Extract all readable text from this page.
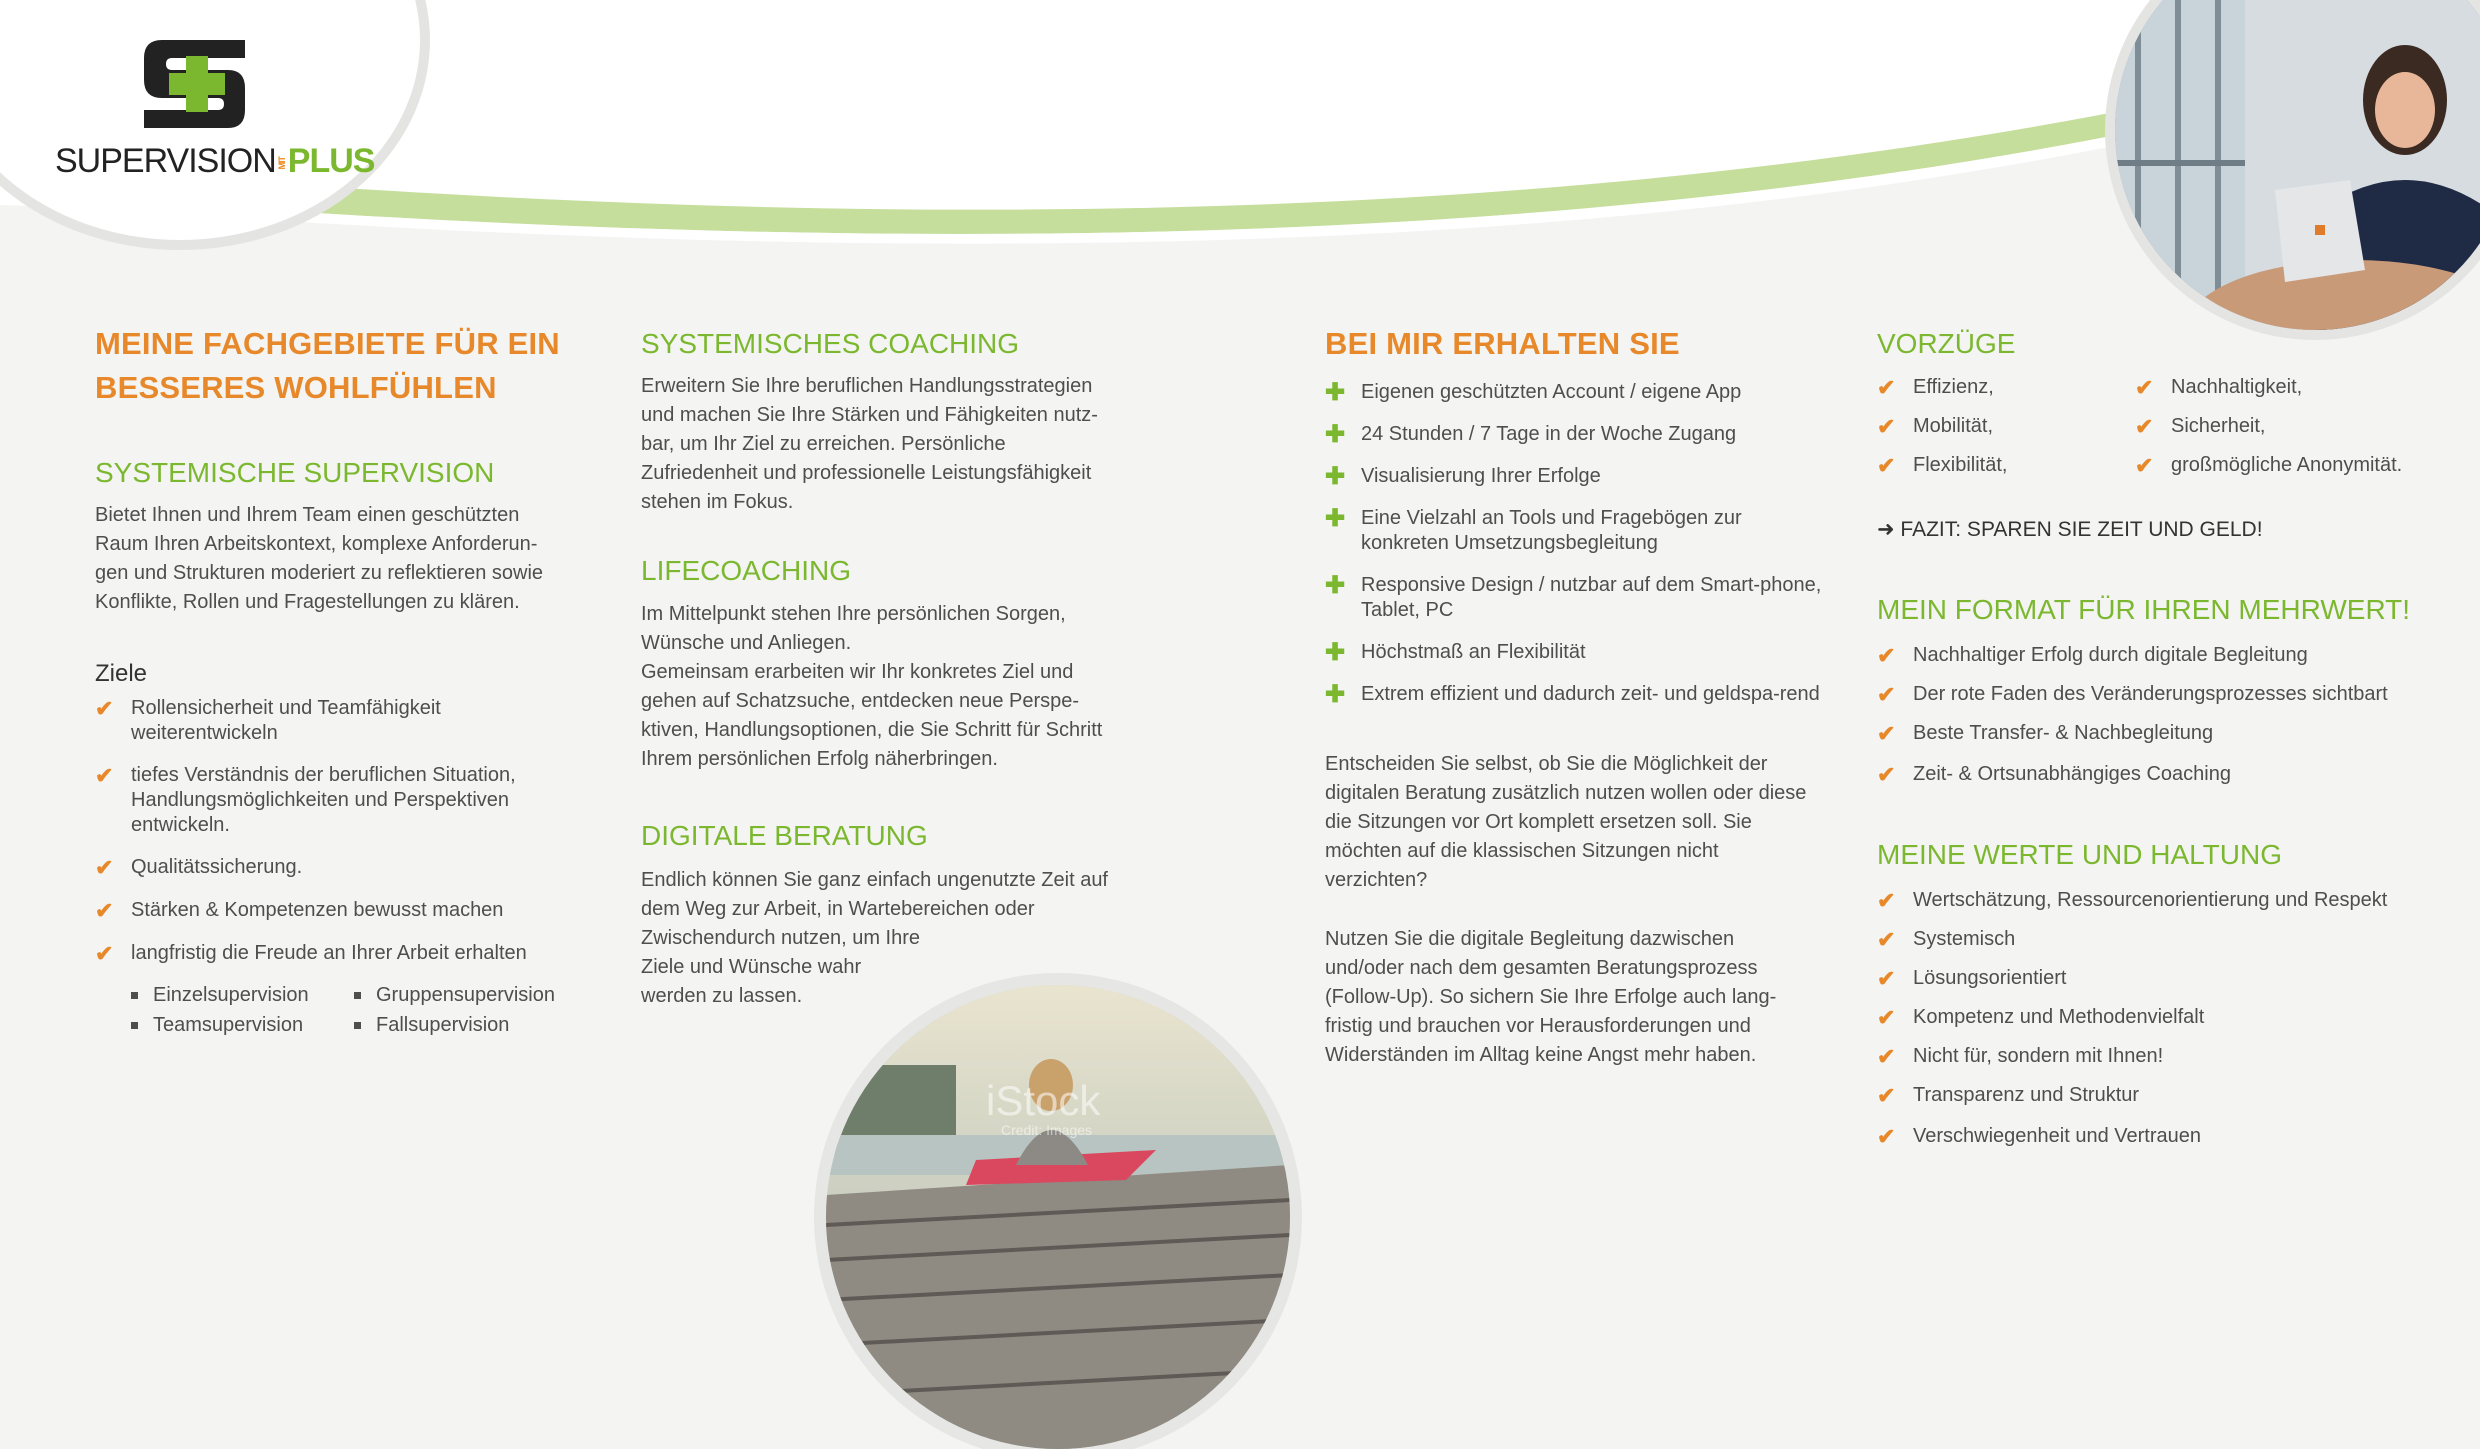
SUPERVISIONMITPLUS
MEINE FACHGEBIETE FÜR EIN
BESSERES WOHLFÜHLEN
SYSTEMISCHE SUPERVISION
Bietet Ihnen und Ihrem Team einen geschützten Raum Ihren Arbeitskontext, komplexe Anforderun-gen und Strukturen moderiert zu reflektieren sowie Konflikte, Rollen und Fragestellungen zu klären.
Ziele
✔ Rollensicherheit und Teamfähigkeit weiterentwickeln
✔ tiefes Verständnis der beruflichen Situation, Handlungsmöglichkeiten und Perspektiven entwickeln.
✔ Qualitätssicherung.
✔ Stärken & Kompetenzen bewusst machen
✔ langfristig die Freude an Ihrer Arbeit erhalten
Einzelsupervision
Teamsupervision
Gruppensupervision
Fallsupervision
SYSTEMISCHES COACHING
Erweitern Sie Ihre beruflichen Handlungsstrategien und machen Sie Ihre Stärken und Fähigkeiten nutz-bar, um Ihr Ziel zu erreichen. Persönliche Zufriedenheit und professionelle Leistungsfähigkeit stehen im Fokus.
LIFECOACHING
Im Mittelpunkt stehen Ihre persönlichen Sorgen, Wünsche und Anliegen.
Gemeinsam erarbeiten wir Ihr konkretes Ziel und gehen auf Schatzsuche, entdecken neue Perspe-ktiven, Handlungsoptionen, die Sie Schritt für Schritt Ihrem persönlichen Erfolg näherbringen.
DIGITALE BERATUNG
Endlich können Sie ganz einfach ungenutzte Zeit auf dem Weg zur Arbeit, in Wartebereichen oder Zwischendurch nutzen, um Ihre
Ziele und Wünsche wahr
werden zu lassen.
iStock
Credit: Images
BEI MIR ERHALTEN SIE
✚ Eigenen geschützten Account / eigene App
✚ 24 Stunden / 7 Tage in der Woche Zugang
✚ Visualisierung Ihrer Erfolge
✚ Eine Vielzahl an Tools und Fragebögen zur konkreten Umsetzungsbegleitung
✚ Responsive Design / nutzbar auf dem Smart-phone, Tablet, PC
✚ Höchstmaß an Flexibilität
✚ Extrem effizient und dadurch zeit- und geldspa-rend
Entscheiden Sie selbst, ob Sie die Möglichkeit der digitalen Beratung zusätzlich nutzen wollen oder diese die Sitzungen vor Ort komplett ersetzen soll. Sie möchten auf die klassischen Sitzungen nicht verzichten?
Nutzen Sie die digitale Begleitung dazwischen und/oder nach dem gesamten Beratungsprozess (Follow-Up). So sichern Sie Ihre Erfolge auch lang-fristig und brauchen vor Herausforderungen und Widerständen im Alltag keine Angst mehr haben.
VORZÜGE
✔ Effizienz,
✔ Mobilität,
✔ Flexibilität,
✔ Nachhaltigkeit,
✔ Sicherheit,
✔ großmögliche Anonymität.
➜ FAZIT: SPAREN SIE ZEIT UND GELD!
MEIN FORMAT FÜR IHREN MEHRWERT!
✔ Nachhaltiger Erfolg durch digitale Begleitung
✔ Der rote Faden des Veränderungsprozesses sichtbart
✔ Beste Transfer- & Nachbegleitung
✔ Zeit- & Ortsunabhängiges Coaching
MEINE WERTE UND HALTUNG
✔ Wertschätzung, Ressourcenorientierung und Respekt
✔ Systemisch
✔ Lösungsorientiert
✔ Kompetenz und Methodenvielfalt
✔ Nicht für, sondern mit Ihnen!
✔ Transparenz und Struktur
✔ Verschwiegenheit und Vertrauen
